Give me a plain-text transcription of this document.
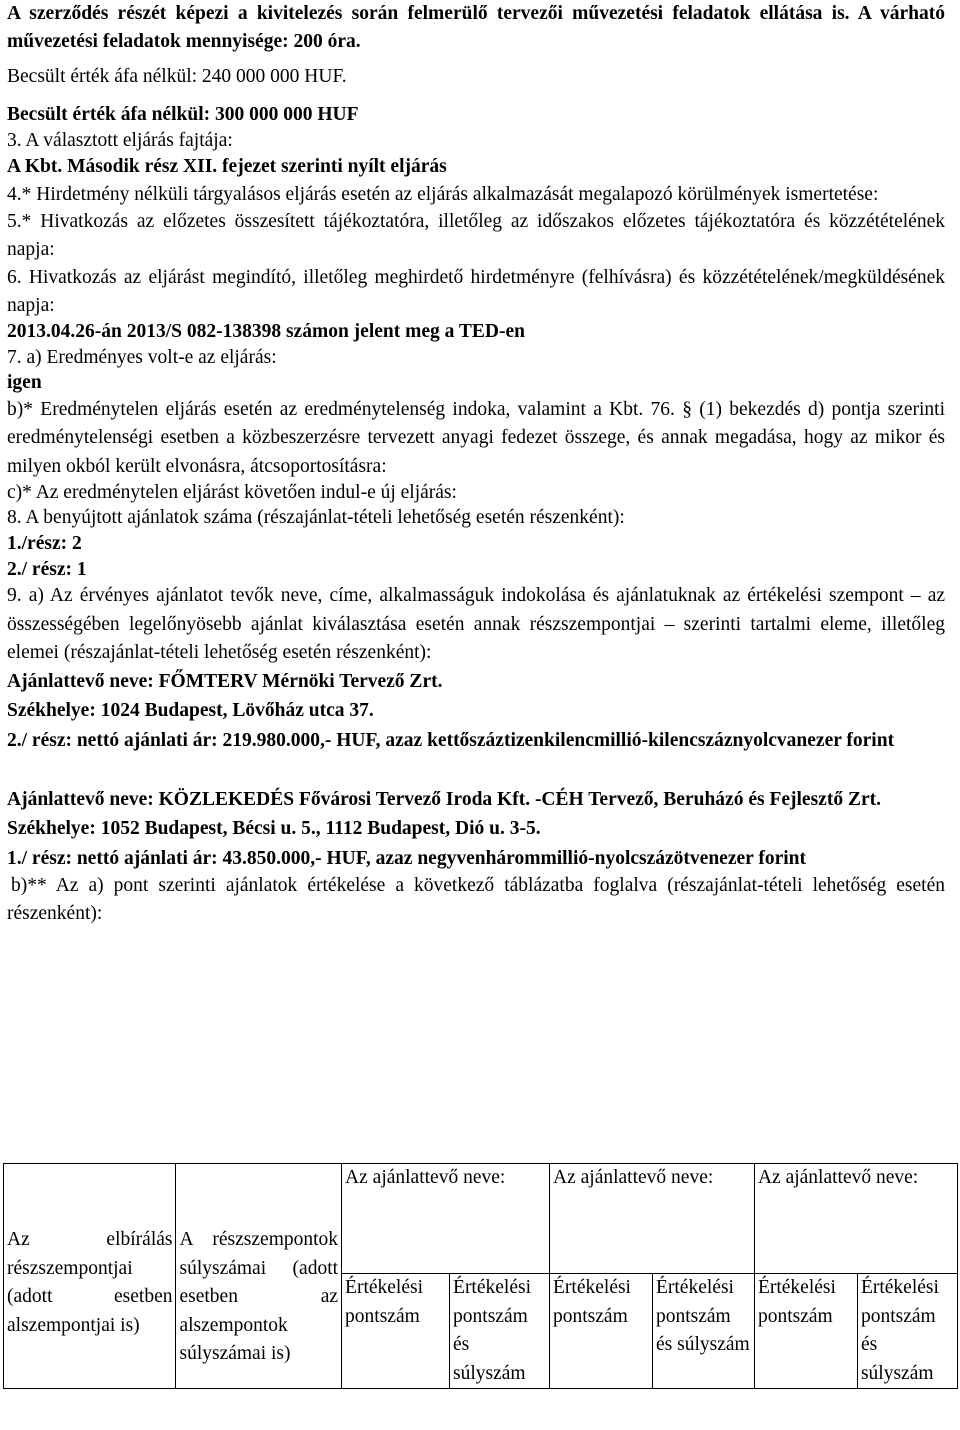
A szerződés részét képezi a kivitelezés során felmerülő tervezői művezetési feladatok ellátása is. A várható művezetési feladatok mennyisége: 200 óra.

Becsült érték áfa nélkül: 240 000 000 HUF.

Becsült érték áfa nélkül: 300 000 000 HUF

3. A választott eljárás fajtája:

A Kbt. Második rész XII. fejezet szerinti nyílt eljárás

4.* Hirdetmény nélküli tárgyalásos eljárás esetén az eljárás alkalmazását megalapozó körülmények ismertetése:

5.* Hivatkozás az előzetes összesített tájékoztatóra, illetőleg az időszakos előzetes tájékoztatóra és közzétételének napja:

6. Hivatkozás az eljárást megindító, illetőleg meghirdető hirdetményre (felhívásra) és közzétételének/megküldésének napja:

2013.04.26-án 2013/S 082-138398 számon jelent meg a TED-en

7. a) Eredményes volt-e az eljárás:

igen

b)* Eredménytelen eljárás esetén az eredménytelenség indoka, valamint a Kbt. 76. § (1) bekezdés d) pontja szerinti eredménytelenségi esetben a közbeszerzésre tervezett anyagi fedezet összege, és annak megadása, hogy az mikor és milyen okból került elvonásra, átcsoportosításra:

c)* Az eredménytelen eljárást követően indul-e új eljárás:

8. A benyújtott ajánlatok száma (részajánlat-tételi lehetőség esetén részenként):

1./rész: 2

2./ rész: 1

9. a) Az érvényes ajánlatot tevők neve, címe, alkalmasságuk indokolása és ajánlatuknak az értékelési szempont – az összességében legelőnyösebb ajánlat kiválasztása esetén annak részszempontjai – szerinti tartalmi eleme, illetőleg elemei (részajánlat-tételi lehetőség esetén részenként):

Ajánlattevő neve: FŐMTERV Mérnöki Tervező Zrt.

Székhelye: 1024 Budapest, Lövőház utca 37.

2./ rész: nettó ajánlati ár: 219.980.000,- HUF, azaz kettőszáztizenkilencmillió-kilencszáznyolcvanezer forint

Ajánlattevő neve: KÖZLEKEDÉS Fővárosi Tervező Iroda Kft. -CÉH Tervező, Beruházó és Fejlesztő Zrt.

Székhelye: 1052 Budapest, Bécsi u. 5., 1112 Budapest, Dió u. 3-5.

1./ rész: nettó ajánlati ár: 43.850.000,- HUF, azaz negyvenhárommillió-nyolcszázötvenezer forint

b)** Az a) pont szerinti ajánlatok értékelése a következő táblázatba foglalva (részajánlat-tételi lehetőség esetén részenként):

Az elbírálás részszempontjai (adott esetben alszempontjai is)	A részszempontok súlyszámai (adott esetben az alszempontok súlyszámai is)	Az ajánlattevő neve:		Az ajánlattevő neve:		Az ajánlattevő neve:	

		Értékelési pontszám	Értékelési pontszám és súlyszám	Értékelési pontszám	Értékelési pontszám és súlyszám	Értékelési pontszám	Értékelési pontszám és súlyszám
